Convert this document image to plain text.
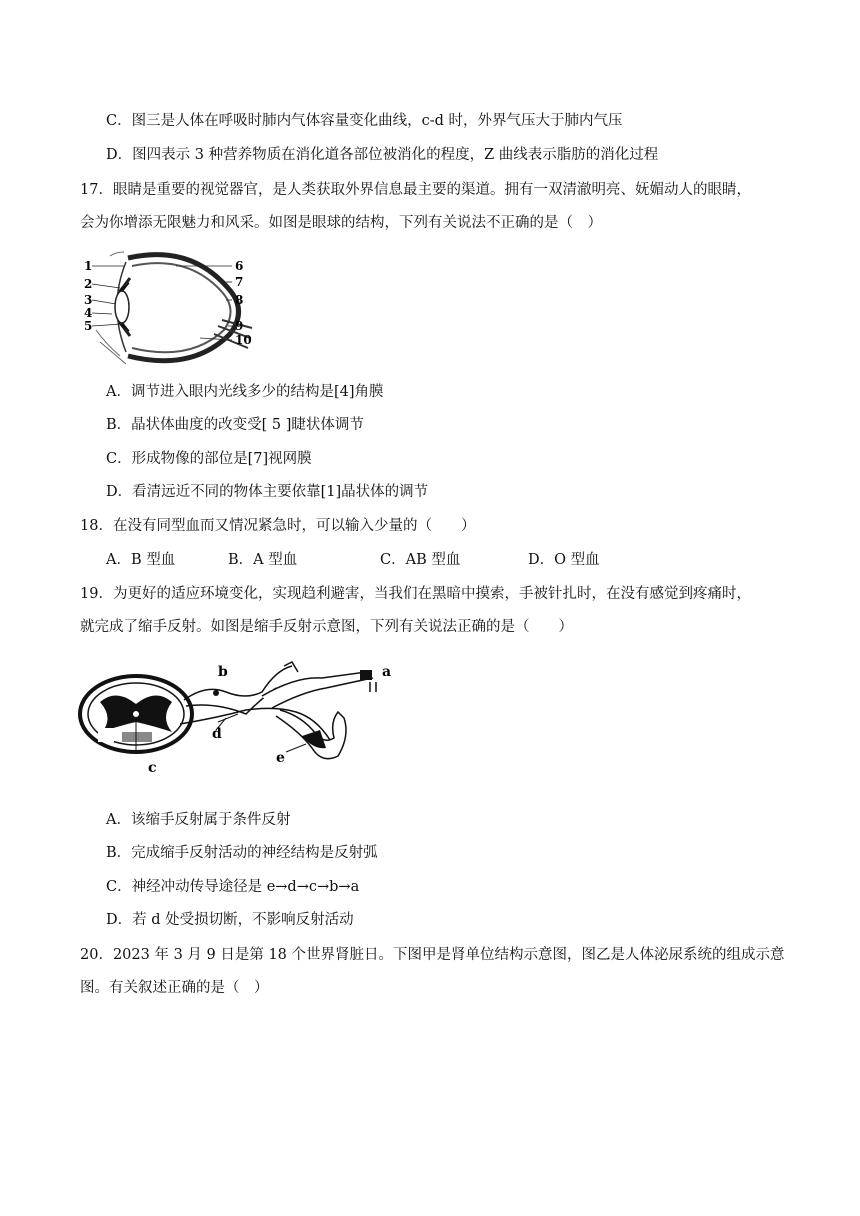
C．图三是人体在呼吸时肺内气体容量变化曲线，c-d 时，外界气压大于肺内气压
D．图四表示 3 种营养物质在消化道各部位被消化的程度，Z 曲线表示脂肪的消化过程
17．眼睛是重要的视觉器官，是人类获取外界信息最主要的渠道。拥有一双清澈明亮、妩媚动人的眼睛，
会为你增添无限魅力和风采。如图是眼球的结构，下列有关说法不正确的是（　）
1
2
3
4
5
6
7
8
9
10
A．调节进入眼内光线多少的结构是[4]角膜
B．晶状体曲度的改变受[ 5 ]睫状体调节
C．形成物像的部位是[7]视网膜
D．看清远近不同的物体主要依靠[1]晶状体的调节
18．在没有同型血而又情况紧急时，可以输入少量的（　　）
A．B 型血	B．A 型血	C．AB 型血	D．O 型血
19．为更好的适应环境变化，实现趋利避害，当我们在黑暗中摸索，手被针扎时，在没有感觉到疼痛时，
就完成了缩手反射。如图是缩手反射示意图，下列有关说法正确的是（　　）
b	a
d
c
e
A．该缩手反射属于条件反射
B．完成缩手反射活动的神经结构是反射弧
C．神经冲动传导途径是 e→d→c→b→a
D．若 d 处受损切断，不影响反射活动
20．2023 年 3 月 9 日是第 18 个世界肾脏日。下图甲是肾单位结构示意图，图乙是人体泌尿系统的组成示意
图。有关叙述正确的是（　）
